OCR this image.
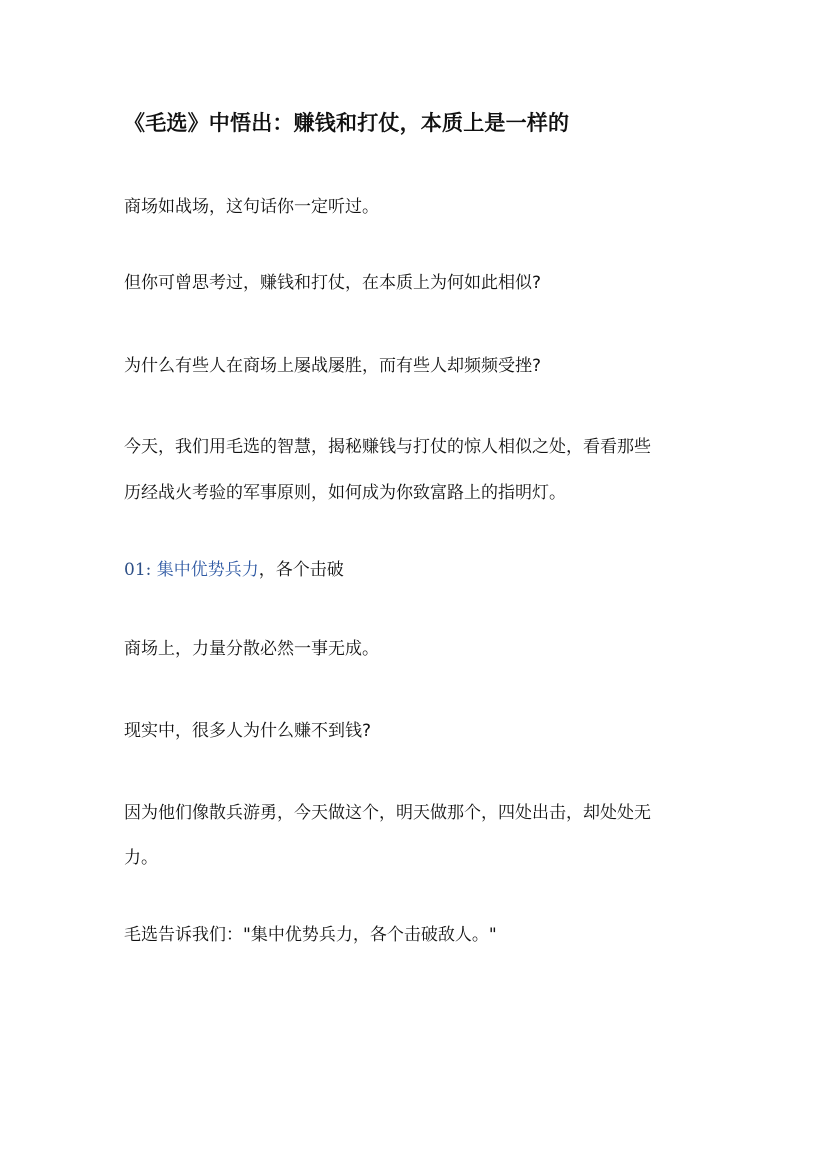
《毛选》中悟出：赚钱和打仗，本质上是一样的

商场如战场，这句话你一定听过。

但你可曾思考过，赚钱和打仗，在本质上为何如此相似?

为什么有些人在商场上屡战屡胜，而有些人却频频受挫?

今天，我们用毛选的智慧，揭秘赚钱与打仗的惊人相似之处，看看那些

历经战火考验的军事原则，如何成为你致富路上的指明灯。

01: 集中优势兵力，各个击破

商场上，力量分散必然一事无成。

现实中，很多人为什么赚不到钱?

因为他们像散兵游勇，今天做这个，明天做那个，四处出击，却处处无

力。

毛选告诉我们："集中优势兵力，各个击破敌人。"
